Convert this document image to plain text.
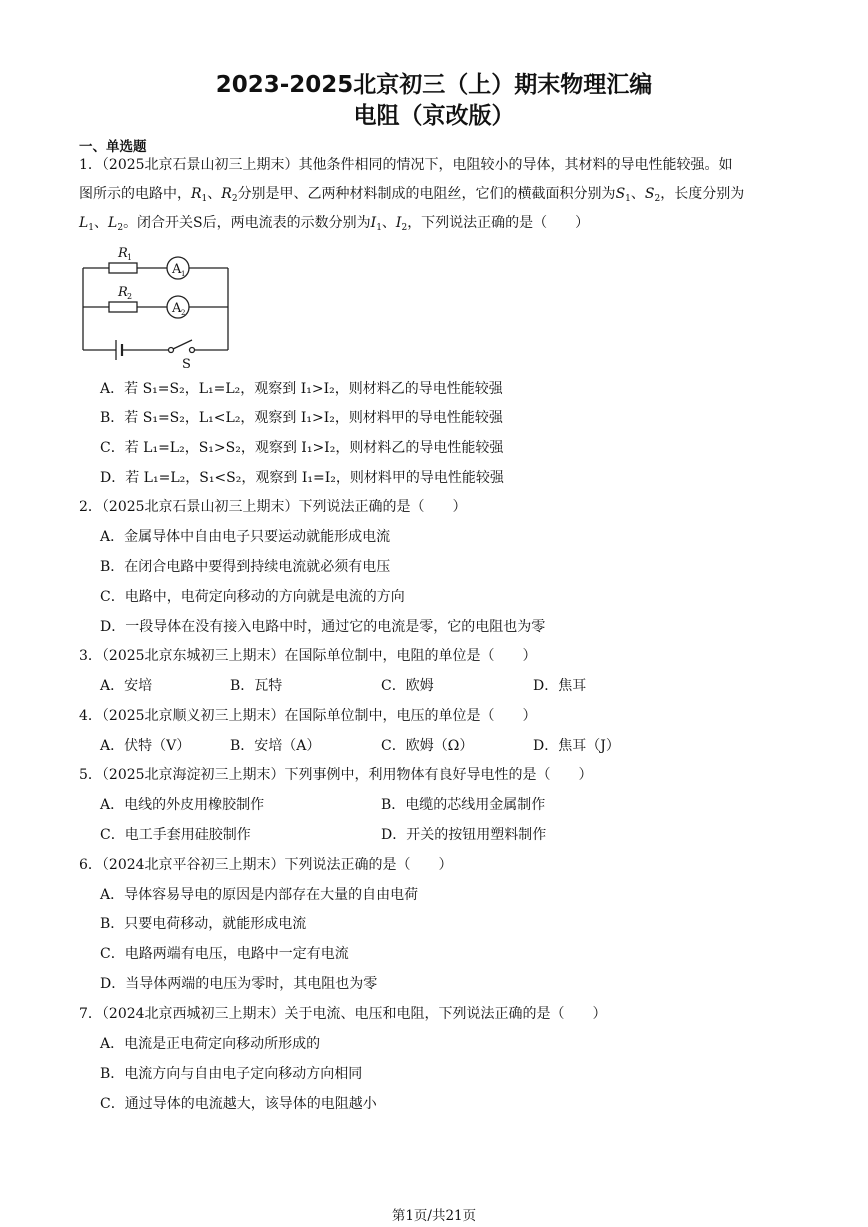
2023-2025北京初三（上）期末物理汇编
电阻（京改版）
一、单选题
1．（2025北京石景山初三上期末）其他条件相同的情况下，电阻较小的导体，其材料的导电性能较强。如
图所示的电路中，$R_1$、$R_2$分别是甲、乙两种材料制成的电阻丝，它们的横截面积分别为$S_1$、$S_2$，长度分别为
$L_1$、$L_2$。闭合开关S后，两电流表的示数分别为$I_1$、$I_2$，下列说法正确的是（　　）
R 1
R 2
A 1
A 2
S
A．若 S₁=S₂，L₁=L₂，观察到 I₁>I₂，则材料乙的导电性能较强
B．若 S₁=S₂，L₁<L₂，观察到 I₁>I₂，则材料甲的导电性能较强
C．若 L₁=L₂，S₁>S₂，观察到 I₁>I₂，则材料乙的导电性能较强
D．若 L₁=L₂，S₁<S₂，观察到 I₁=I₂，则材料甲的导电性能较强
2．（2025北京石景山初三上期末）下列说法正确的是（　　）
A．金属导体中自由电子只要运动就能形成电流
B．在闭合电路中要得到持续电流就必须有电压
C．电路中，电荷定向移动的方向就是电流的方向
D．一段导体在没有接入电路中时，通过它的电流是零，它的电阻也为零
3．（2025北京东城初三上期末）在国际单位制中，电阻的单位是（　　）
A．安培	B．瓦特	C．欧姆	D．焦耳
4．（2025北京顺义初三上期末）在国际单位制中，电压的单位是（　　）
A．伏特（V）	B．安培（A）	C．欧姆（Ω）	D．焦耳（J）
5．（2025北京海淀初三上期末）下列事例中，利用物体有良好导电性的是（　　）
A．电线的外皮用橡胶制作	B．电缆的芯线用金属制作
C．电工手套用硅胶制作	D．开关的按钮用塑料制作
6．（2024北京平谷初三上期末）下列说法正确的是（　　）
A．导体容易导电的原因是内部存在大量的自由电荷
B．只要电荷移动，就能形成电流
C．电路两端有电压，电路中一定有电流
D．当导体两端的电压为零时，其电阻也为零
7．（2024北京西城初三上期末）关于电流、电压和电阻，下列说法正确的是（　　）
A．电流是正电荷定向移动所形成的
B．电流方向与自由电子定向移动方向相同
C．通过导体的电流越大，该导体的电阻越小
第1页/共21页
